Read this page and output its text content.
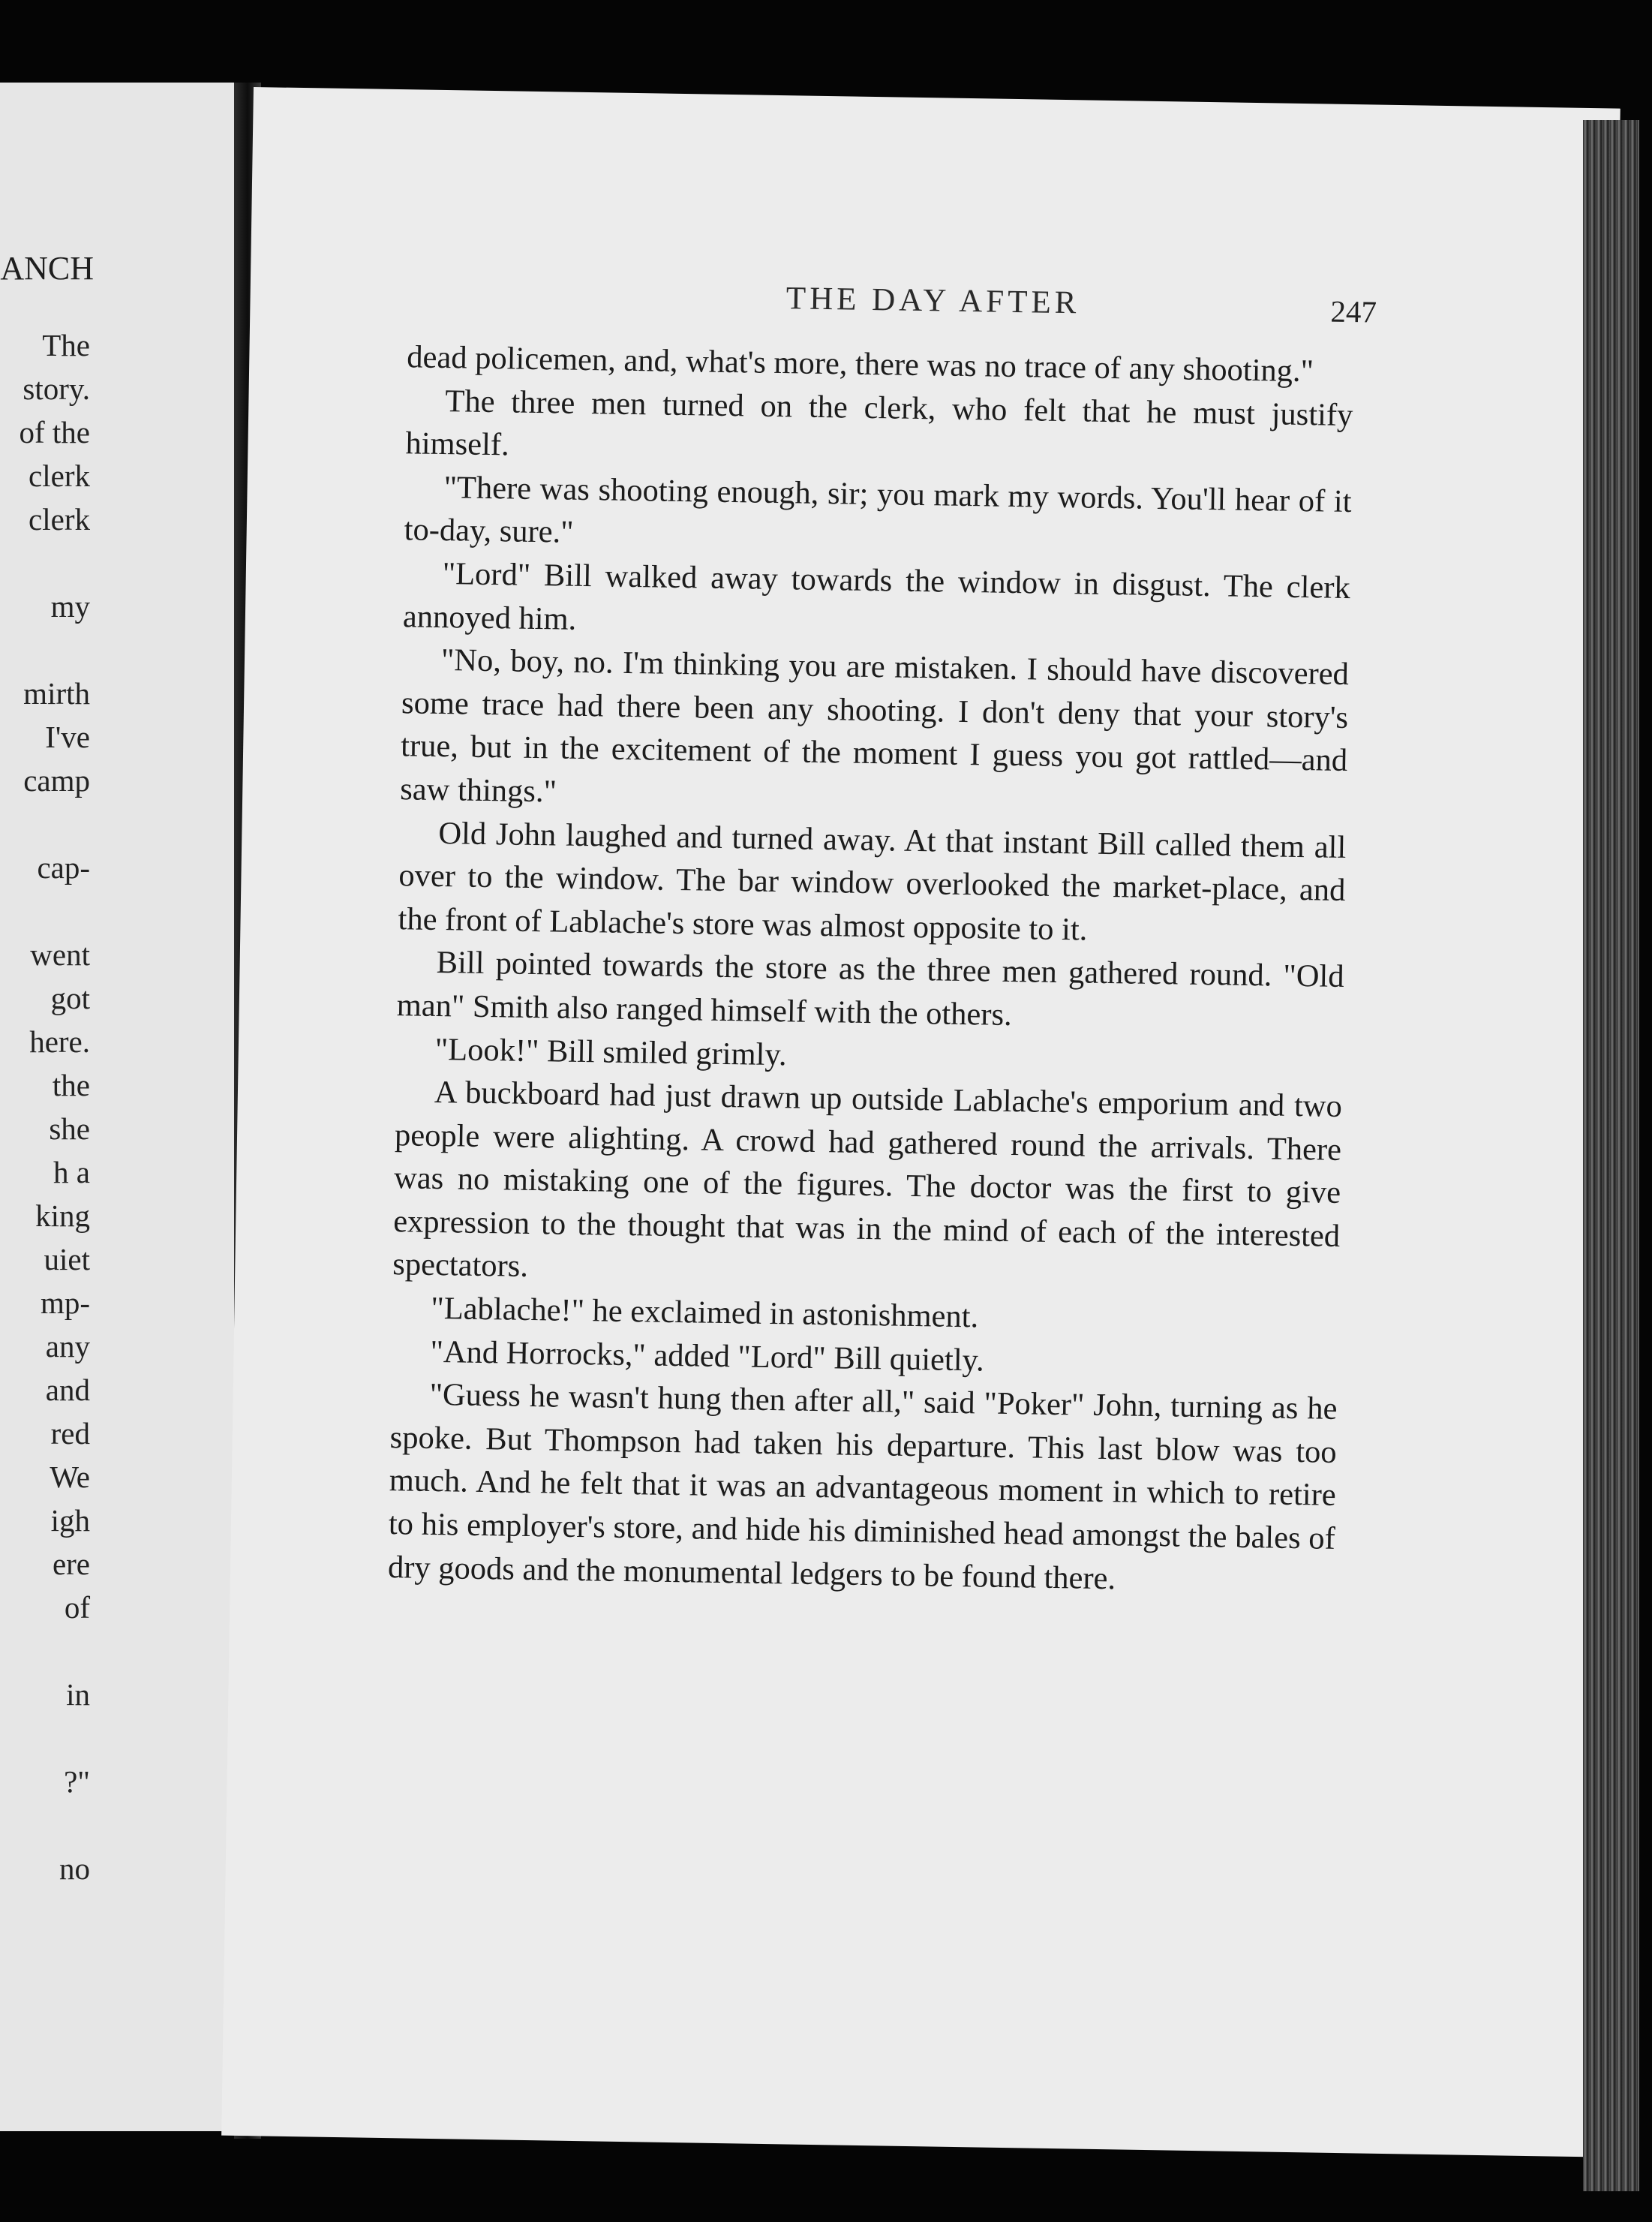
ANCH
The
story.
of the
clerk
clerk
my
mirth
I've
camp
cap-
went
got
here.
the
she
h a
king
uiet
mp-
any
and
red
We
igh
ere
of
in
?"
no
THE DAY AFTER	247

dead policemen, and, what's more, there was no trace of any shooting."

The three men turned on the clerk, who felt that he must justify himself.

"There was shooting enough, sir; you mark my words. You'll hear of it to-day, sure."

"Lord" Bill walked away towards the window in disgust. The clerk annoyed him.

"No, boy, no. I'm thinking you are mistaken. I should have discovered some trace had there been any shooting. I don't deny that your story's true, but in the excitement of the moment I guess you got rattled—and saw things."

Old John laughed and turned away. At that instant Bill called them all over to the window. The bar window overlooked the market-place, and the front of Lablache's store was almost opposite to it.

Bill pointed towards the store as the three men gathered round. "Old man" Smith also ranged himself with the others.

"Look!" Bill smiled grimly.

A buckboard had just drawn up outside Lablache's emporium and two people were alighting. A crowd had gathered round the arrivals. There was no mistaking one of the figures. The doctor was the first to give expression to the thought that was in the mind of each of the interested spectators.

"Lablache!" he exclaimed in astonishment.

"And Horrocks," added "Lord" Bill quietly.

"Guess he wasn't hung then after all," said "Poker" John, turning as he spoke. But Thompson had taken his departure. This last blow was too much. And he felt that it was an advantageous moment in which to retire to his employer's store, and hide his diminished head amongst the bales of dry goods and the monumental ledgers to be found there.
